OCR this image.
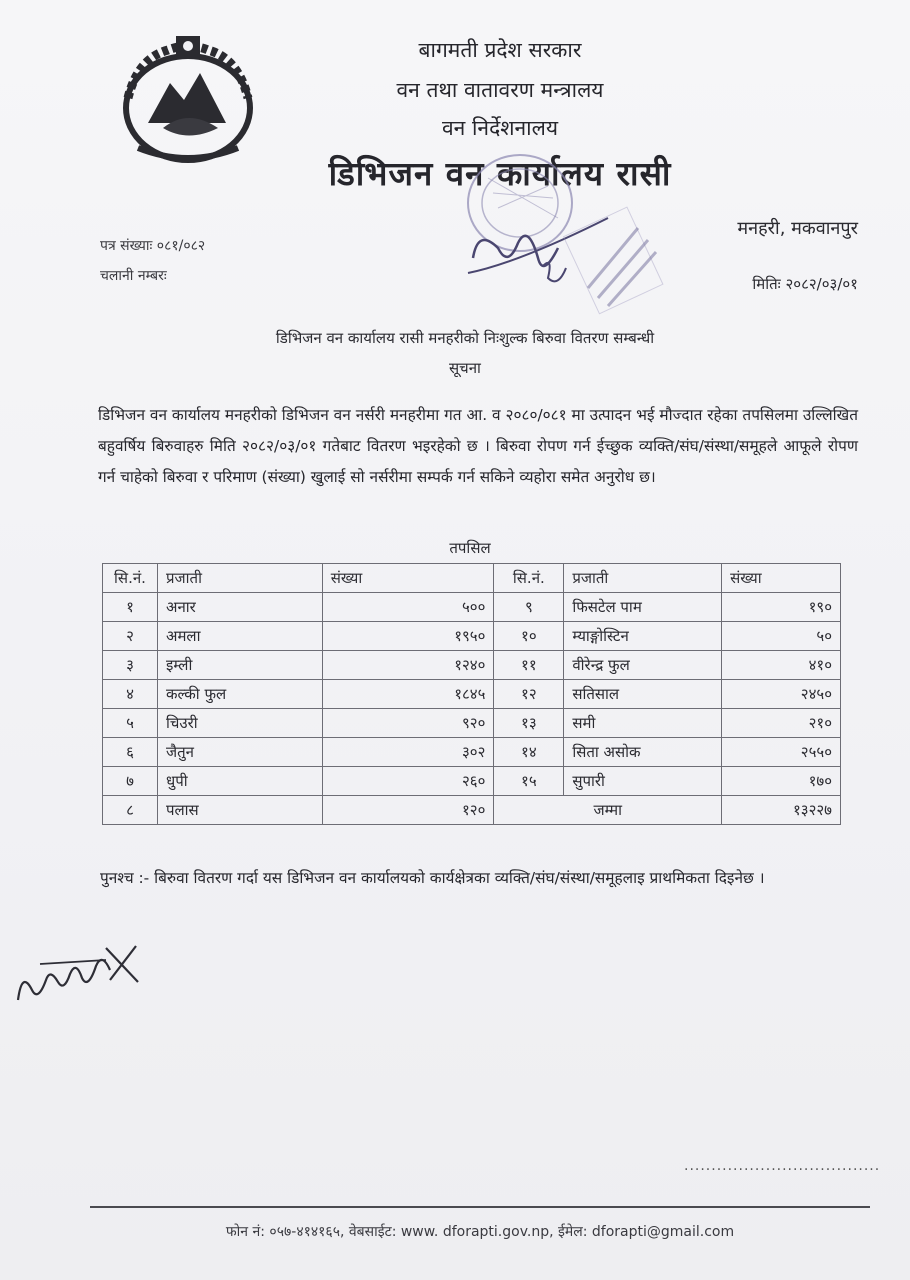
बागमती प्रदेश सरकार
वन तथा वातावरण मन्त्रालय
वन निर्देशनालय
डिभिजन वन कार्यालय रासी
मनहरी, मकवानपुर
पत्र संख्याः ०८१/०८२
चलानी नम्बरः	मितिः २०८२/०३/०१
डिभिजन वन कार्यालय रासी मनहरीको निःशुल्क बिरुवा वितरण सम्बन्धी
सूचना
डिभिजन वन कार्यालय मनहरीको डिभिजन वन नर्सरी मनहरीमा गत आ. व २०८०/०८१ मा उत्पादन भई मौज्दात रहेका तपसिलमा उल्लिखित बहुवर्षिय बिरुवाहरु मिति २०८२/०३/०१ गतेबाट वितरण भइरहेको छ । बिरुवा रोपण गर्न ईच्छुक व्यक्ति/संघ/संस्था/समूहले आफूले रोपण गर्न चाहेको बिरुवा र परिमाण (संख्या) खुलाई सो नर्सरीमा सम्पर्क गर्न सकिने व्यहोरा समेत अनुरोध छ।
तपसिल
सि.नं.	प्रजाती	संख्या	सि.नं.	प्रजाती	संख्या
१	अनार	५००	९	फिसटेल पाम	१९०
२	अमला	१९५०	१०	म्याङ्गोस्टिन	५०
३	इम्ली	१२४०	११	वीरेन्द्र फुल	४१०
४	कल्की फुल	१८४५	१२	सतिसाल	२४५०
५	चिउरी	९२०	१३	समी	२१०
६	जैतुन	३०२	१४	सिता असोक	२५५०
७	धुपी	२६०	१५	सुपारी	१७०
८	पलास	१२०	जम्मा		१३२२७
पुनश्च :- बिरुवा वितरण गर्दा यस डिभिजन वन कार्यालयको कार्यक्षेत्रका व्यक्ति/संघ/संस्था/समूहलाइ प्राथमिकता दिइनेछ ।
....................................
फोन नं: ०५७-४१४१६५, वेबसाईट: www. dforapti.gov.np, ईमेल: dforapti@gmail.com
